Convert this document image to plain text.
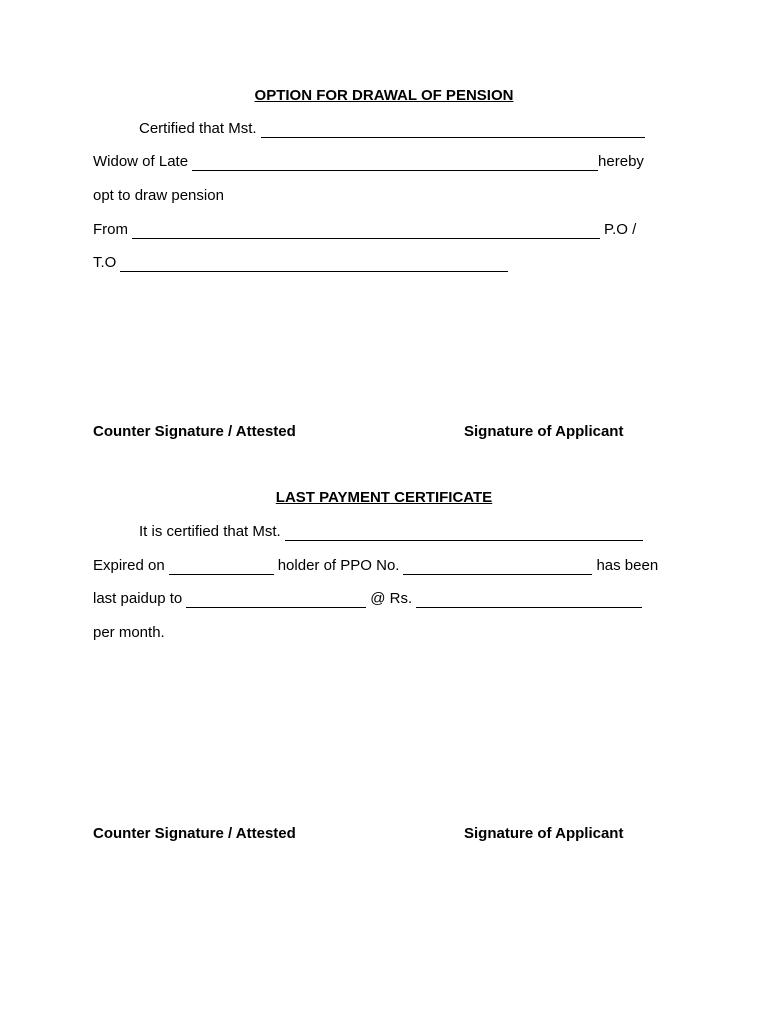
OPTION FOR DRAWAL OF PENSION
Certified that Mst.
Widow of Late	hereby
opt to draw pension
From	P.O /
T.O
Counter Signature / Attested	Signature of Applicant
LAST PAYMENT CERTIFICATE
It is certified that Mst.
Expired on	holder of PPO No.	has been
last paidup to	@ Rs.
per month.
Counter Signature / Attested	Signature of Applicant
